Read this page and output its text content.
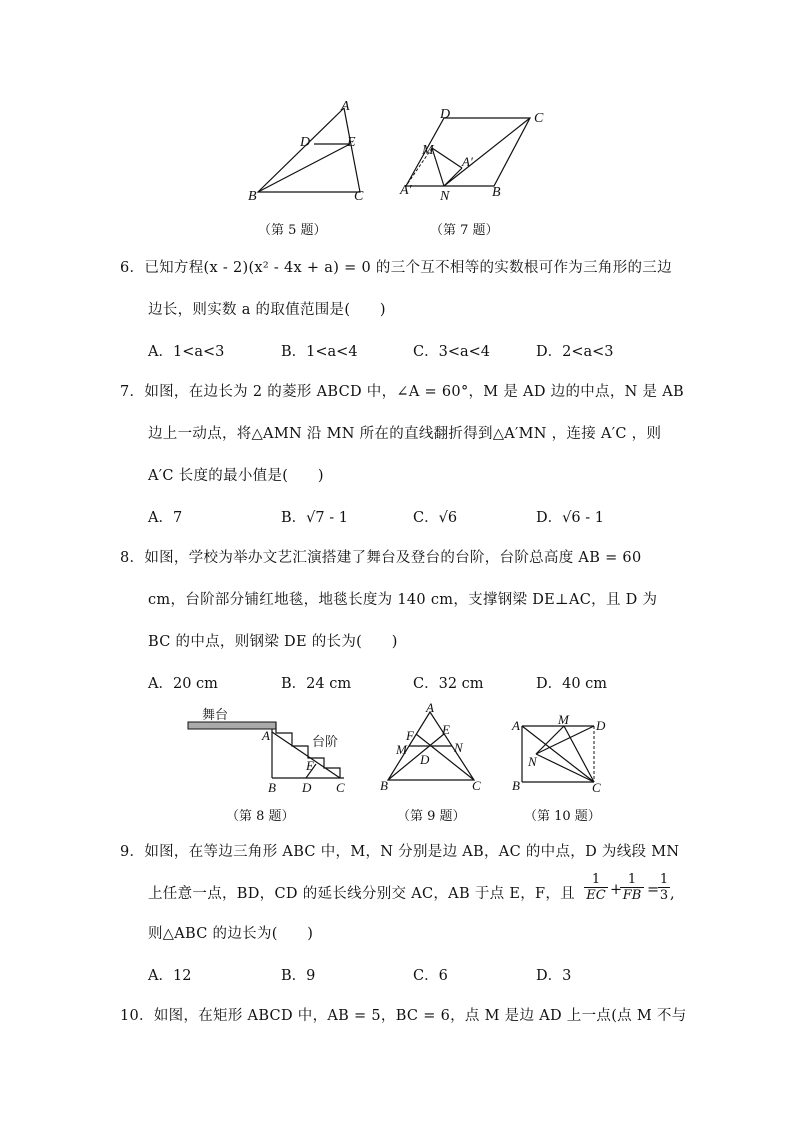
A
D	E
B	C
（第 5 题）
D	C
M
A′
A′ N	B
（第 7 题）
6．已知方程(x - 2)(x² - 4x + a) = 0 的三个互不相等的实数根可作为三角形的三边
边长，则实数 a 的取值范围是(　　)
A．1<a<3	B．1<a<4	C．3<a<4	D．2<a<3
7．如图，在边长为 2 的菱形 ABCD 中，∠A = 60°，M 是 AD 边的中点，N 是 AB
边上一动点，将△AMN 沿 MN 所在的直线翻折得到△A′MN ，连接 A′C ，则
A′C 长度的最小值是(　　)
A．7	B．√7 - 1	C．√6	D．√6 - 1
8．如图，学校为举办文艺汇演搭建了舞台及登台的台阶，台阶总高度 AB = 60
cm，台阶部分铺红地毯，地毯长度为 140 cm，支撑钢梁 DE⊥AC，且 D 为
BC 的中点，则钢梁 DE 的长为(　　)
A．20 cm	B．24 cm	C．32 cm	D．40 cm
舞台
台阶
A
E
B D C
（第 8 题）
A
F E
M	N
D
B	C
（第 9 题）
A	M D
N
B	C
（第 10 题）
9．如图，在等边三角形 ABC 中，M，N 分别是边 AB，AC 的中点，D 为线段 MN
上任意一点，BD，CD 的延长线分别交 AC，AB 于点 E，F，且 $\frac{1}{EC}$ +
$\frac{1}{FB}$ =
$\frac{1}{3}$ ,
则△ABC 的边长为(　　)
A．12	B．9	C．6	D．3
10．如图，在矩形 ABCD 中，AB = 5，BC = 6，点 M 是边 AD 上一点(点 M 不与
